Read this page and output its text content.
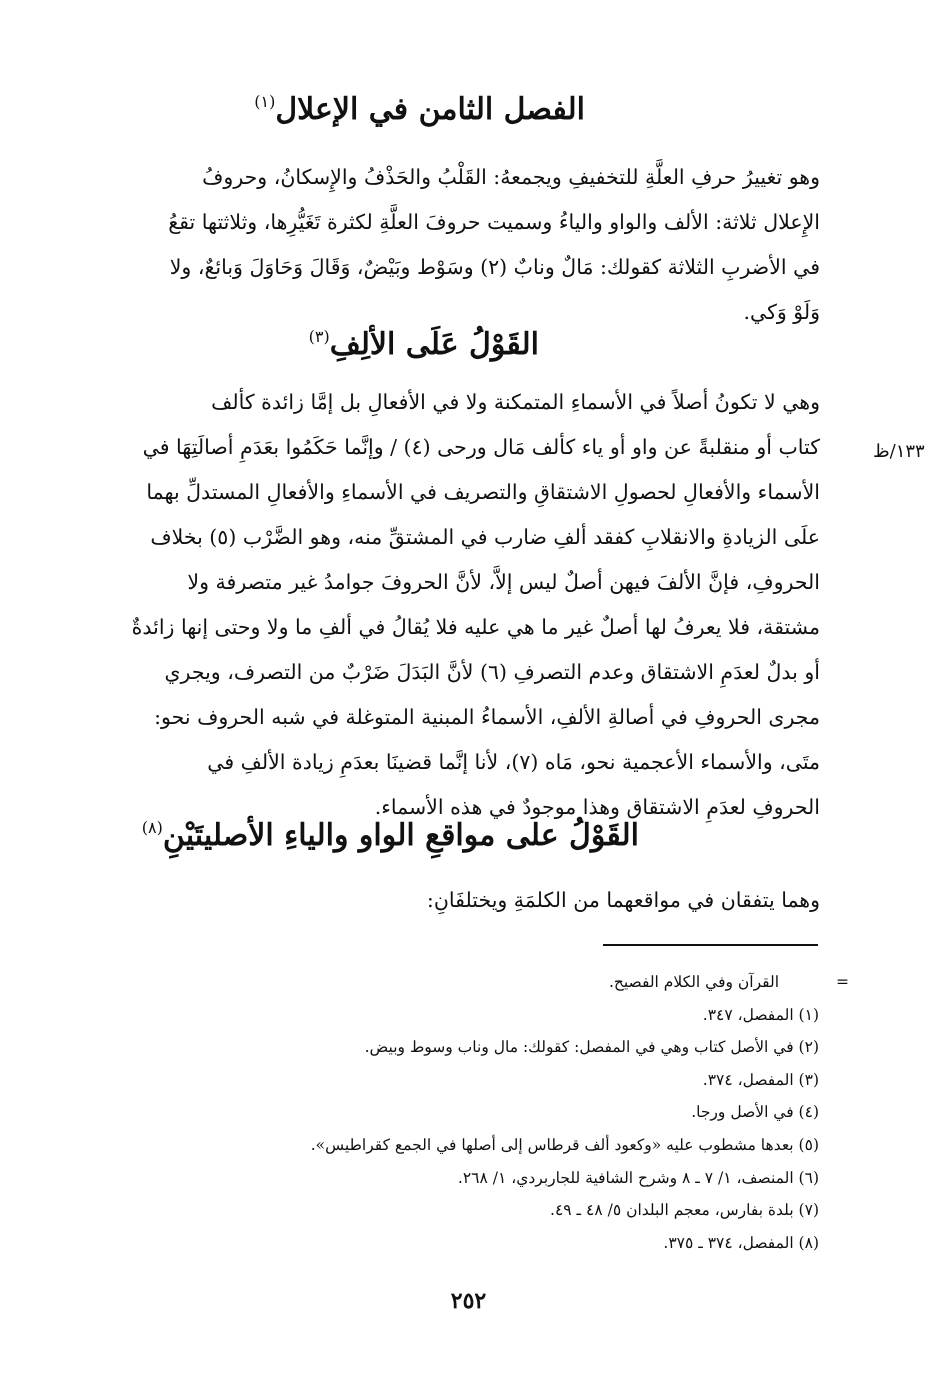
الفصل الثامن في الإعلال$^{(١)}$
وهو تغييرُ حرفِ العلَّةِ للتخفيفِ ويجمعهُ: القَلْبُ والحَذْفُ والإِسكانُ، وحروفُ
الإِعلال ثلاثة: الألف والواو والياءُ وسميت حروفَ العلَّةِ لكثرة تَغَيُّرِها، وثلاثتها تقعُ
في الأضربِ الثلاثة كقولك: مَالٌ ونابٌ (٢) وسَوْط وبَيْضٌ، وَقَالَ وَحَاوَلَ وَبائعٌ، ولا
وَلَوْ وَكي.
القَوْلُ عَلَى الألِفِ$^{(٣)}$
وهي لا تكونُ أصلاً في الأسماءِ المتمكنة ولا في الأفعالِ بل إمَّا زائدة كألف
كتاب أو منقلبةً عن واو أو ياء كألف مَال ورحى (٤) / وإنَّما حَكَمُوا بعَدَمِ أصالَتِهَا في
الأسماء والأفعالِ لحصولِ الاشتقاقِ والتصريف في الأسماءِ والأفعالِ المستدلِّ بهما
علَى الزيادةِ والانقلابِ كفقد ألفِ ضارب في المشتقِّ منه، وهو الضَّرْب (٥) بخلاف
الحروفِ، فإنَّ الألفَ فيهن أصلٌ ليس إلاَّ، لأنَّ الحروفَ جوامدُ غير متصرفة ولا
مشتقة، فلا يعرفُ لها أصلٌ غير ما هي عليه فلا يُقالُ في ألفِ ما ولا وحتى إنها زائدةٌ
أو بدلٌ لعدَمِ الاشتقاق وعدم التصرفِ (٦) لأنَّ البَدَلَ ضَرْبٌ من التصرف، ويجري
مجرى الحروفِ في أصالةِ الألفِ، الأسماءُ المبنية المتوغلة في شبه الحروف نحو:
متَى، والأسماء الأعجمية نحو، مَاه (٧)، لأنا إنَّما قضينَا بعدَمِ زيادة الألفِ في
الحروفِ لعدَمِ الاشتقاق وهذا موجودٌ في هذه الأسماء.
١٣٣/ظ
القَوْلُ على مواقعِ الواو والياءِ الأصليتَيْنِ$^{(٨)}$
وهما يتفقان في مواقعهما من الكلمَةِ ويختلفَانِ:
=
القرآن وفي الكلام الفصيح.
(١) المفصل، ٣٤٧.
(٢) في الأصل كتاب وهي في المفصل: كقولك: مال وناب وسوط وبيض.
(٣) المفصل، ٣٧٤.
(٤) في الأصل ورجا.
(٥) بعدها مشطوب عليه «وكعود ألف قرطاس إلى أصلها في الجمع كقراطيس».
(٦) المنصف، ١/ ٧ ـ ٨ وشرح الشافية للجاربردي، ١/ ٢٦٨.
(٧) بلدة بفارس، معجم البلدان ٥/ ٤٨ ـ ٤٩.
(٨) المفصل، ٣٧٤ ـ ٣٧٥.
٢٥٢
